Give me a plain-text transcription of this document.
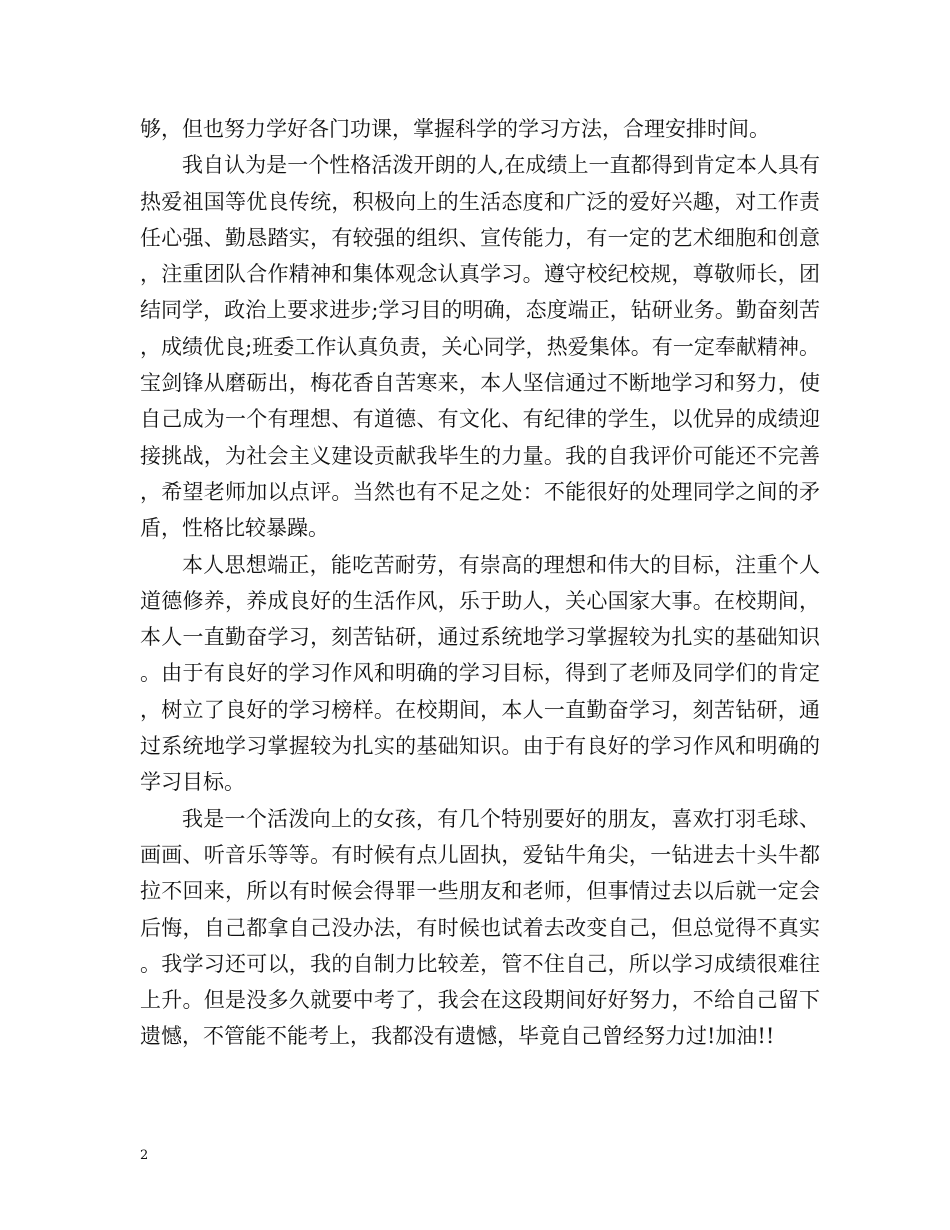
够，但也努力学好各门功课，掌握科学的学习方法，合理安排时间。

我自认为是一个性格活泼开朗的人,在成绩上一直都得到肯定本人具有热爱祖国等优良传统，积极向上的生活态度和广泛的爱好兴趣，对工作责任心强、勤恳踏实，有较强的组织、宣传能力，有一定的艺术细胞和创意，注重团队合作精神和集体观念认真学习。遵守校纪校规，尊敬师长，团结同学，政治上要求进步;学习目的明确，态度端正，钻研业务。勤奋刻苦，成绩优良;班委工作认真负责，关心同学，热爱集体。有一定奉献精神。宝剑锋从磨砺出，梅花香自苦寒来，本人坚信通过不断地学习和努力，使自己成为一个有理想、有道德、有文化、有纪律的学生，以优异的成绩迎接挑战，为社会主义建设贡献我毕生的力量。我的自我评价可能还不完善，希望老师加以点评。当然也有不足之处：不能很好的处理同学之间的矛盾，性格比较暴躁。

本人思想端正，能吃苦耐劳，有崇高的理想和伟大的目标，注重个人道德修养，养成良好的生活作风，乐于助人，关心国家大事。在校期间，本人一直勤奋学习，刻苦钻研，通过系统地学习掌握较为扎实的基础知识。由于有良好的学习作风和明确的学习目标，得到了老师及同学们的肯定，树立了良好的学习榜样。在校期间，本人一直勤奋学习，刻苦钻研，通过系统地学习掌握较为扎实的基础知识。由于有良好的学习作风和明确的学习目标。

我是一个活泼向上的女孩，有几个特别要好的朋友，喜欢打羽毛球、画画、听音乐等等。有时候有点儿固执，爱钻牛角尖，一钻进去十头牛都拉不回来，所以有时候会得罪一些朋友和老师，但事情过去以后就一定会后悔，自己都拿自己没办法，有时候也试着去改变自己，但总觉得不真实。我学习还可以，我的自制力比较差，管不住自己，所以学习成绩很难往上升。但是没多久就要中考了，我会在这段期间好好努力，不给自己留下遗憾，不管能不能考上，我都没有遗憾，毕竟自己曾经努力过!加油!!

2
